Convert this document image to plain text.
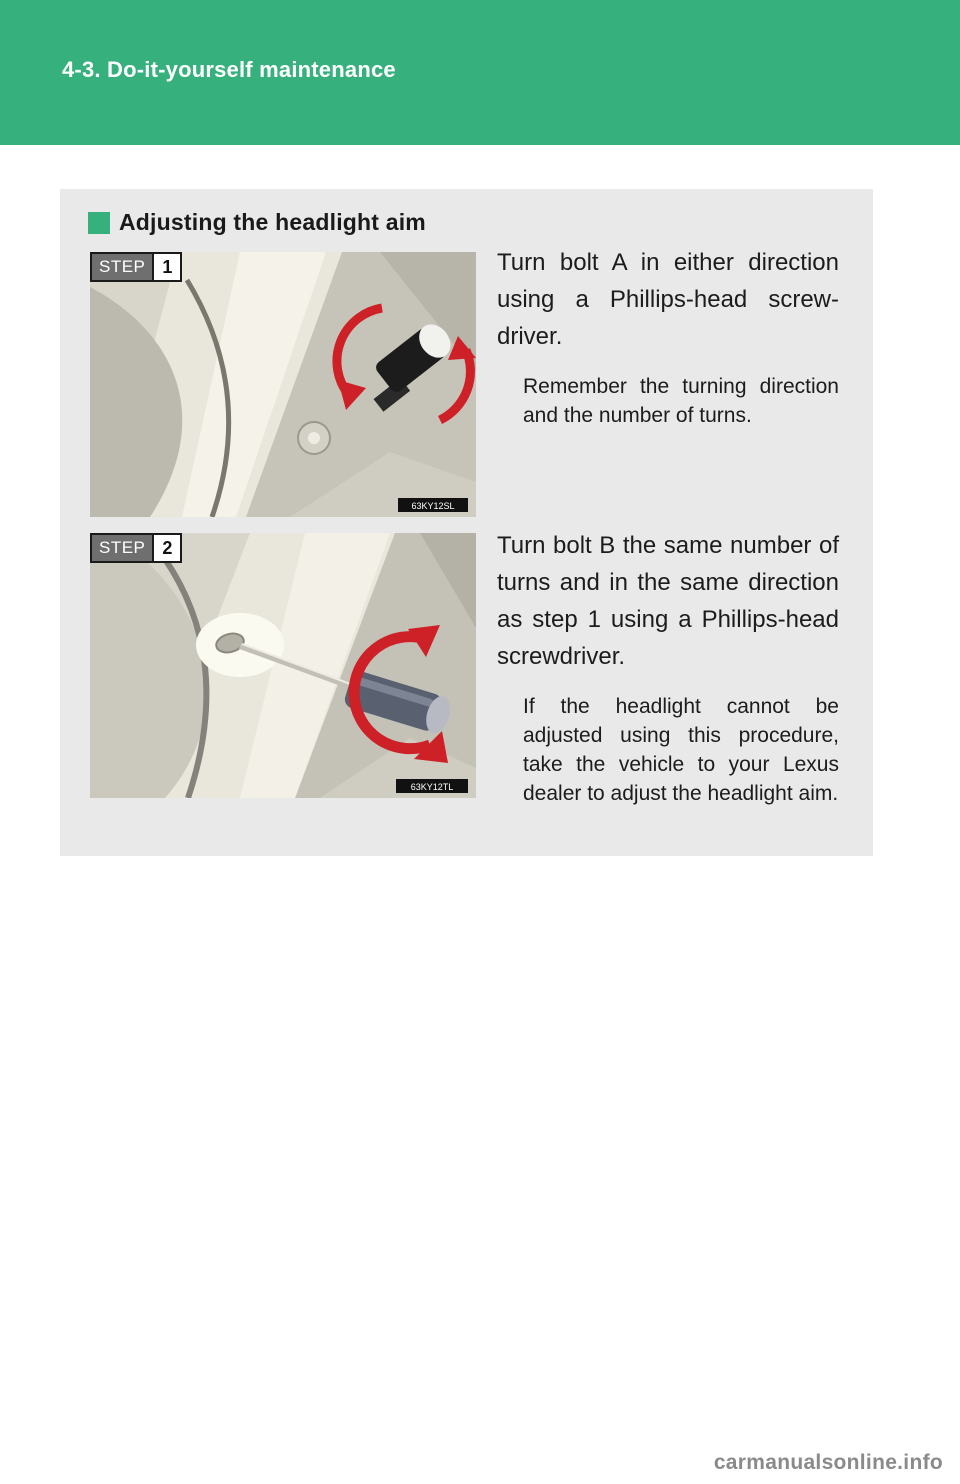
4-3. Do-it-yourself maintenance
Adjusting the headlight aim
63KY12SL
STEP 1	Turn bolt A in either direction using a Phillips-head screw-driver.

Remember the turning direction and the number of turns.

63KY12TL
STEP 2	Turn bolt B the same number of turns and in the same direction as step 1 using a Phillips-head screwdriver.

If the headlight cannot be adjusted using this procedure, take the vehicle to your Lexus dealer to adjust the headlight aim.

carmanualsonline.info
